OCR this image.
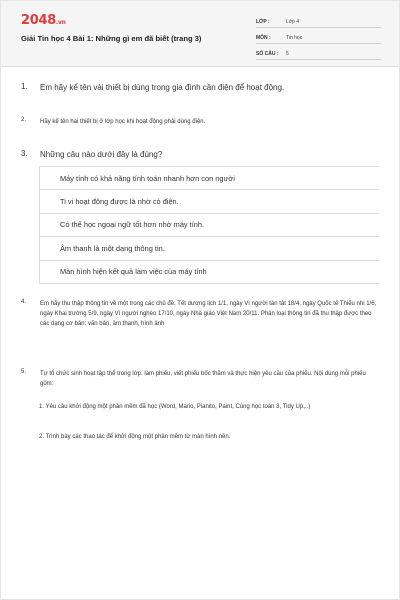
2048.vn
Giải Tin học 4 Bài 1: Những gì em đã biết (trang 3)
LỚP :	Lớp 4
MÔN :	Tin học
SỐ CÂU :	5
1. Em hãy kể tên vài thiết bị dùng trong gia đình cần điện để hoạt động.
2. Hãy kể tên hai thiết bị ở lớp học khi hoạt động phải dùng điện.
3. Những câu nào dưới đây là đúng?
Máy tính có khả năng tính toán nhanh hơn con người
Ti vi hoạt động được là nhờ có điện.
Có thể học ngoại ngữ tốt hơn nhờ máy tính.
Âm thanh là một dạng thông tin.
Màn hình hiện kết quả làm việc của máy tính
4. Em hãy thu thập thông tin về một trong các chủ đề: Tết dương lịch 1/1, ngày Vì người tàn tật 18/4, ngày Quốc tế Thiếu nhi 1/6, ngày Khai trường 5/9, ngày Vì người nghèo 17/10, ngày Nhà giáo Việt Nam 20/11. Phân loại thông tin đã thu thập được theo các dạng cơ bản: văn bản, âm thanh, hình ảnh
5. Tự tổ chức sinh hoạt tập thể trong lớp: làm phiếu, viết phiếu bốc thăm và thực hiện yêu cầu của phiếu. Nội dung mỗi phiếu gồm:
1. Yêu cầu khởi động một phần mềm đã học (Word, Mario, Pianito, Paint, Cùng học toán 3, Tidy Up,..)
2. Trình bày các thao tác để khởi động một phần mềm từ màn hình nền.
